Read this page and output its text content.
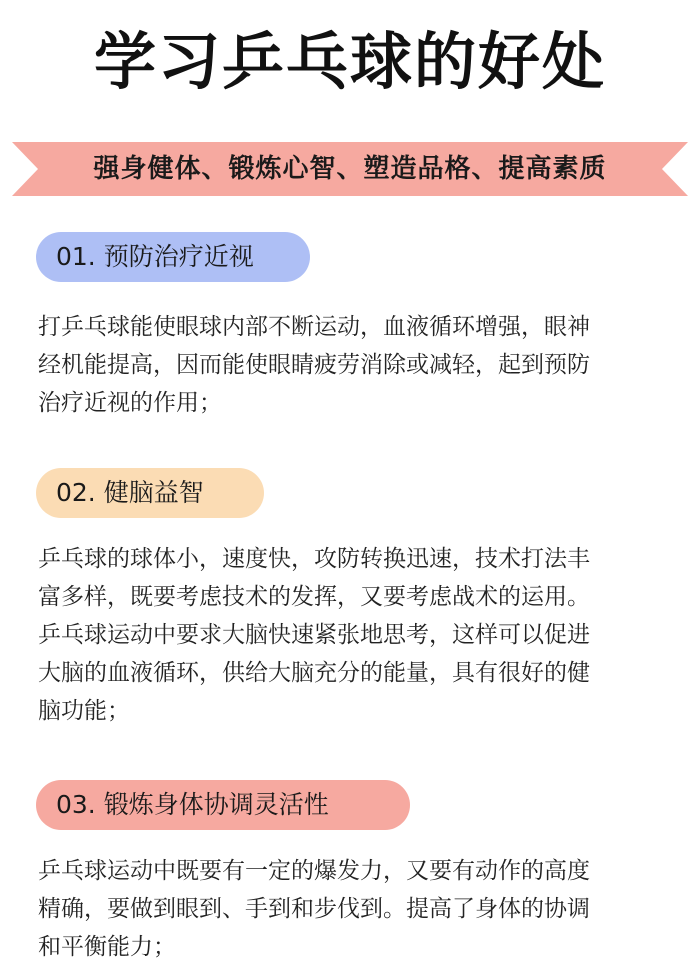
学习乒乓球的好处
强身健体、锻炼心智、塑造品格、提高素质
01. 预防治疗近视
打乒乓球能使眼球内部不断运动，血液循环增强，眼神
经机能提高，因而能使眼睛疲劳消除或减轻，起到预防
治疗近视的作用；
02. 健脑益智
乒乓球的球体小，速度快，攻防转换迅速，技术打法丰
富多样，既要考虑技术的发挥，又要考虑战术的运用。
乒乓球运动中要求大脑快速紧张地思考，这样可以促进
大脑的血液循环，供给大脑充分的能量，具有很好的健
脑功能；
03. 锻炼身体协调灵活性
乒乓球运动中既要有一定的爆发力，又要有动作的高度
精确，要做到眼到、手到和步伐到。提高了身体的协调
和平衡能力；
